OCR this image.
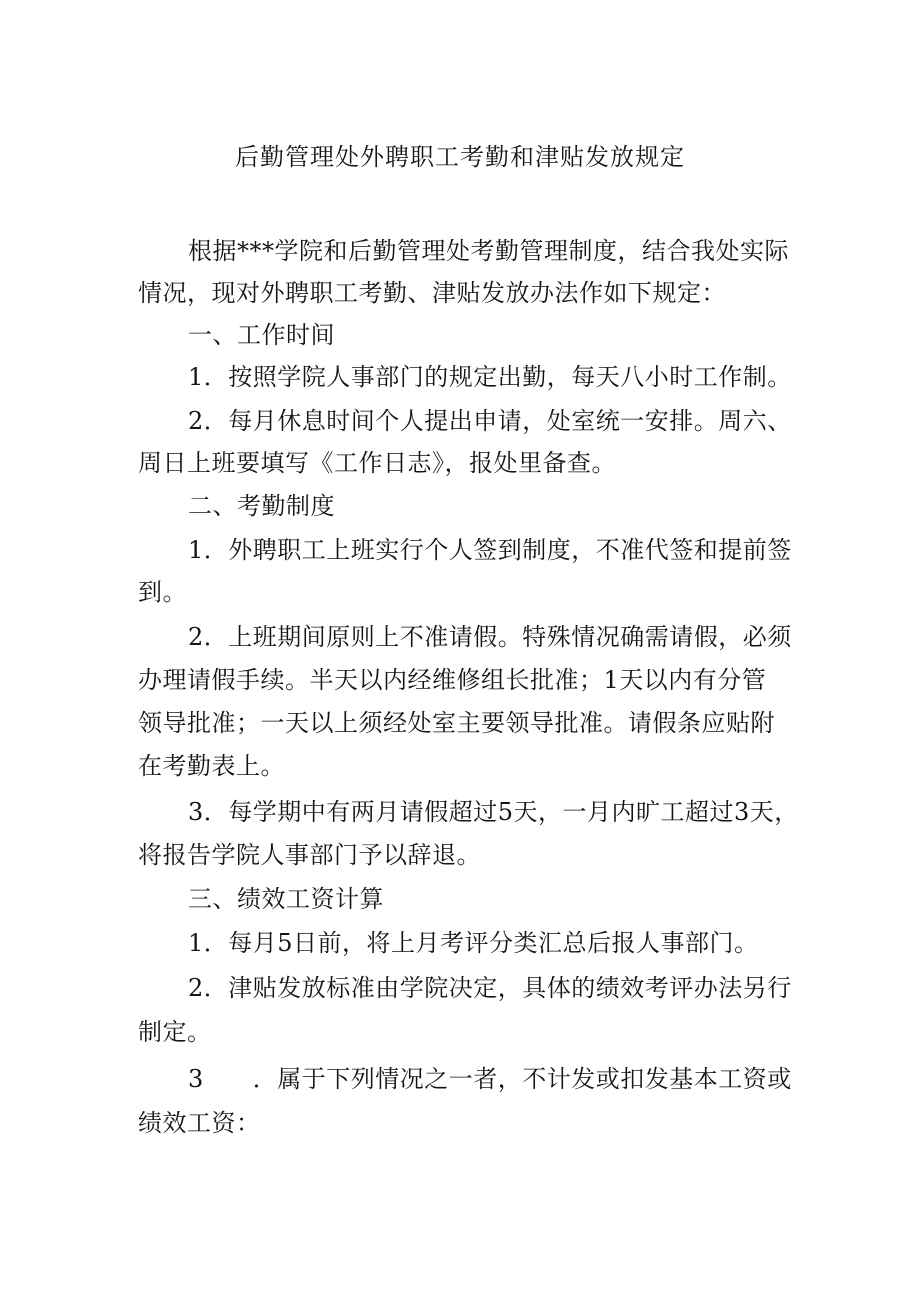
后勤管理处外聘职工考勤和津贴发放规定
根据***学院和后勤管理处考勤管理制度，结合我处实际
情况，现对外聘职工考勤、津贴发放办法作如下规定：
一、工作时间
1．按照学院人事部门的规定出勤，每天八小时工作制。
2．每月休息时间个人提出申请，处室统一安排。周六、
周日上班要填写《工作日志》，报处里备查。
二、考勤制度
1．外聘职工上班实行个人签到制度，不准代签和提前签
到。
2．上班期间原则上不准请假。特殊情况确需请假，必须
办理请假手续。半天以内经维修组长批准；1天以内有分管
领导批准；一天以上须经处室主要领导批准。请假条应贴附
在考勤表上。
3．每学期中有两月请假超过5天，一月内旷工超过3天，
将报告学院人事部门予以辞退。
三、绩效工资计算
1．每月5日前，将上月考评分类汇总后报人事部门。
2．津贴发放标准由学院决定，具体的绩效考评办法另行
制定。
3　　．属于下列情况之一者，不计发或扣发基本工资或
绩效工资：
